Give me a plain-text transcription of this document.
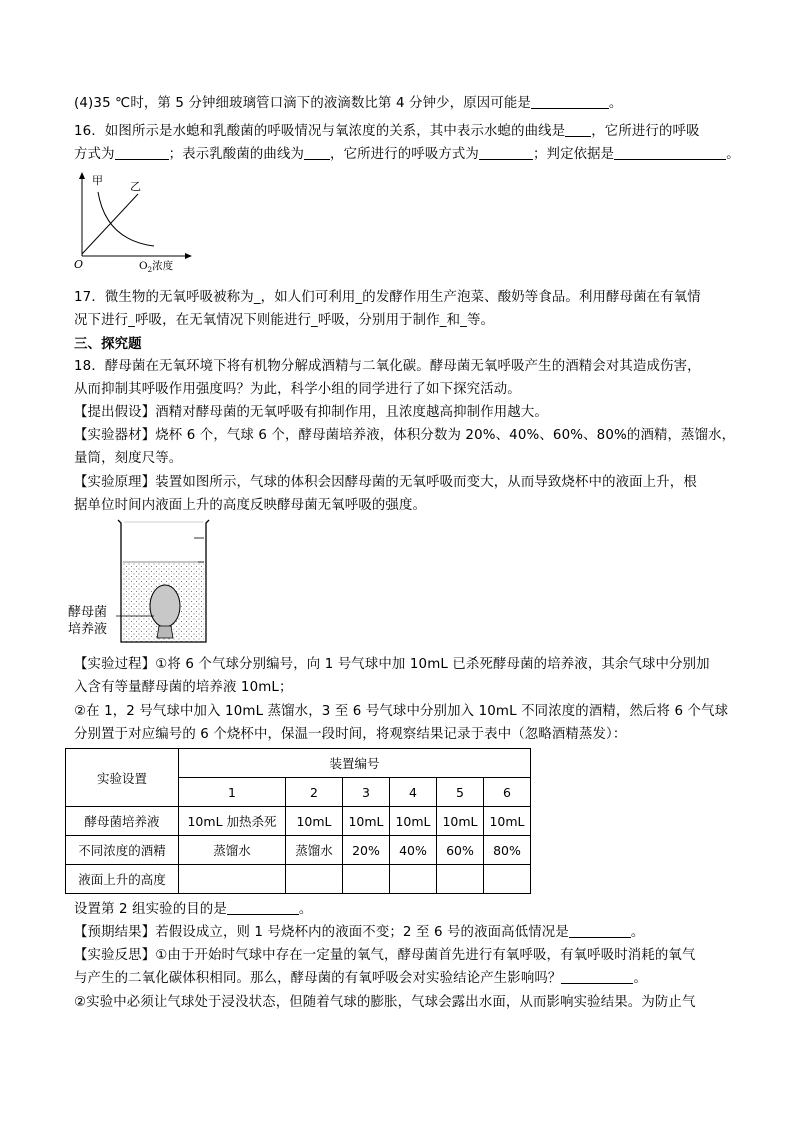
(4)35 ℃时，第 5 分钟细玻璃管口滴下的液滴数比第 4 分钟少，原因可能是	。
16．如图所示是水螅和乳酸菌的呼吸情况与氧浓度的关系，其中表示水螅的曲线是 ，它所进行的呼吸
方式为	；表示乳酸菌的曲线为 ，它所进行的呼吸方式为	；判定依据是	。
甲 乙
O	$O_2$浓度
17．微生物的无氧呼吸被称为_，如人们可利用_的发酵作用生产泡菜、酸奶等食品。利用酵母菌在有氧情
况下进行_呼吸，在无氧情况下则能进行_呼吸，分别用于制作_和_等。
三、探究题
18．酵母菌在无氧环境下将有机物分解成酒精与二氧化碳。酵母菌无氧呼吸产生的酒精会对其造成伤害，
从而抑制其呼吸作用强度吗？为此，科学小组的同学进行了如下探究活动。
【提出假设】酒精对酵母菌的无氧呼吸有抑制作用，且浓度越高抑制作用越大。
【实验器材】烧杯 6 个，气球 6 个，酵母菌培养液，体积分数为 20%、40%、60%、80%的酒精，蒸馏水，
量筒，刻度尺等。
【实验原理】装置如图所示，气球的体积会因酵母菌的无氧呼吸而变大，从而导致烧杯中的液面上升，根
据单位时间内液面上升的高度反映酵母菌无氧呼吸的强度。
酵母菌
培养液
【实验过程】①将 6 个气球分别编号，向 1 号气球中加 10mL 已杀死酵母菌的培养液，其余气球中分别加
入含有等量酵母菌的培养液 10mL；
②在 1，2 号气球中加入 10mL 蒸馏水，3 至 6 号气球中分别加入 10mL 不同浓度的酒精，然后将 6 个气球
分别置于对应编号的 6 个烧杯中，保温一段时间，将观察结果记录于表中（忽略酒精蒸发）：
实验设置	装置编号					
	1	2	3	4	5	6
酵母菌培养液	10mL 加热杀死	10mL	10mL	10mL	10mL	10mL
不同浓度的酒精	蒸馏水	蒸馏水	20%	40%	60%	80%
液面上升的高度						
设置第 2 组实验的目的是	。
【预期结果】若假设成立，则 1 号烧杯内的液面不变；2 至 6 号的液面高低情况是	。
【实验反思】①由于开始时气球中存在一定量的氧气，酵母菌首先进行有氧呼吸，有氧呼吸时消耗的氧气
与产生的二氧化碳体积相同。那么，酵母菌的有氧呼吸会对实验结论产生影响吗？	。
②实验中必须让气球处于浸没状态，但随着气球的膨胀，气球会露出水面，从而影响实验结果。为防止气
